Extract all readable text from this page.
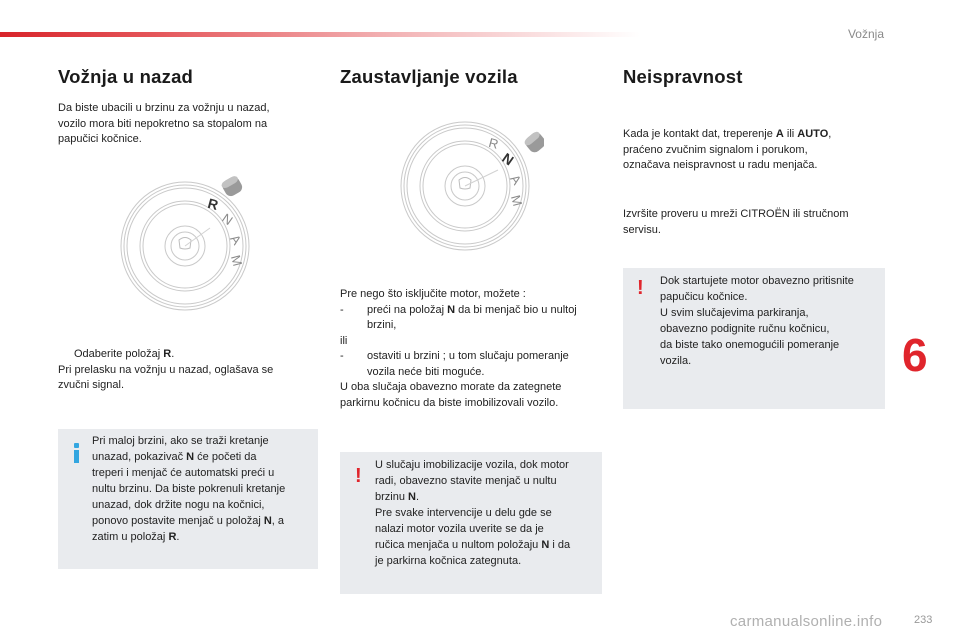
Vožnja
Vožnja u nazad
Da biste ubacili u brzinu za vožnju u nazad,
vozilo mora biti nepokretno sa stopalom na
papučici kočnice.
R
N
A
M
Odaberite položaj R.
Pri prelasku na vožnju u nazad, oglašava se
zvučni signal.
Pri maloj brzini, ako se traži kretanje
unazad, pokazivač N će početi da
treperi i menjač će automatski preći u
nultu brzinu. Da biste pokrenuli kretanje
unazad, dok držite nogu na kočnici,
ponovo postavite menjač u položaj N, a
zatim u položaj R.
Zaustavljanje vozila
R
N
A
M
Pre nego što isključite motor, možete :
- preći na položaj N da bi menjač bio u nultoj
brzini,
ili
- ostaviti u brzini ; u tom slučaju pomeranje
vozila neće biti moguće.
U oba slučaja obavezno morate da zategnete
parkirnu kočnicu da biste imobilizovali vozilo.
! U slučaju imobilizacije vozila, dok motor
radi, obavezno stavite menjač u nultu
brzinu N.
Pre svake intervencije u delu gde se
nalazi motor vozila uverite se da je
ručica menjača u nultom položaju N i da
je parkirna kočnica zategnuta.
Neispravnost
Kada je kontakt dat, treperenje A ili AUTO,
praćeno zvučnim signalom i porukom,
označava neispravnost u radu menjača.
Izvršite proveru u mreži CITROËN ili stručnom
servisu.
! Dok startujete motor obavezno pritisnite
papučicu kočnice.
U svim slučajevima parkiranja,
obavezno podignite ručnu kočnicu,
da biste tako onemogućili pomeranje
vozila.	6
carmanualsonline.info	233
